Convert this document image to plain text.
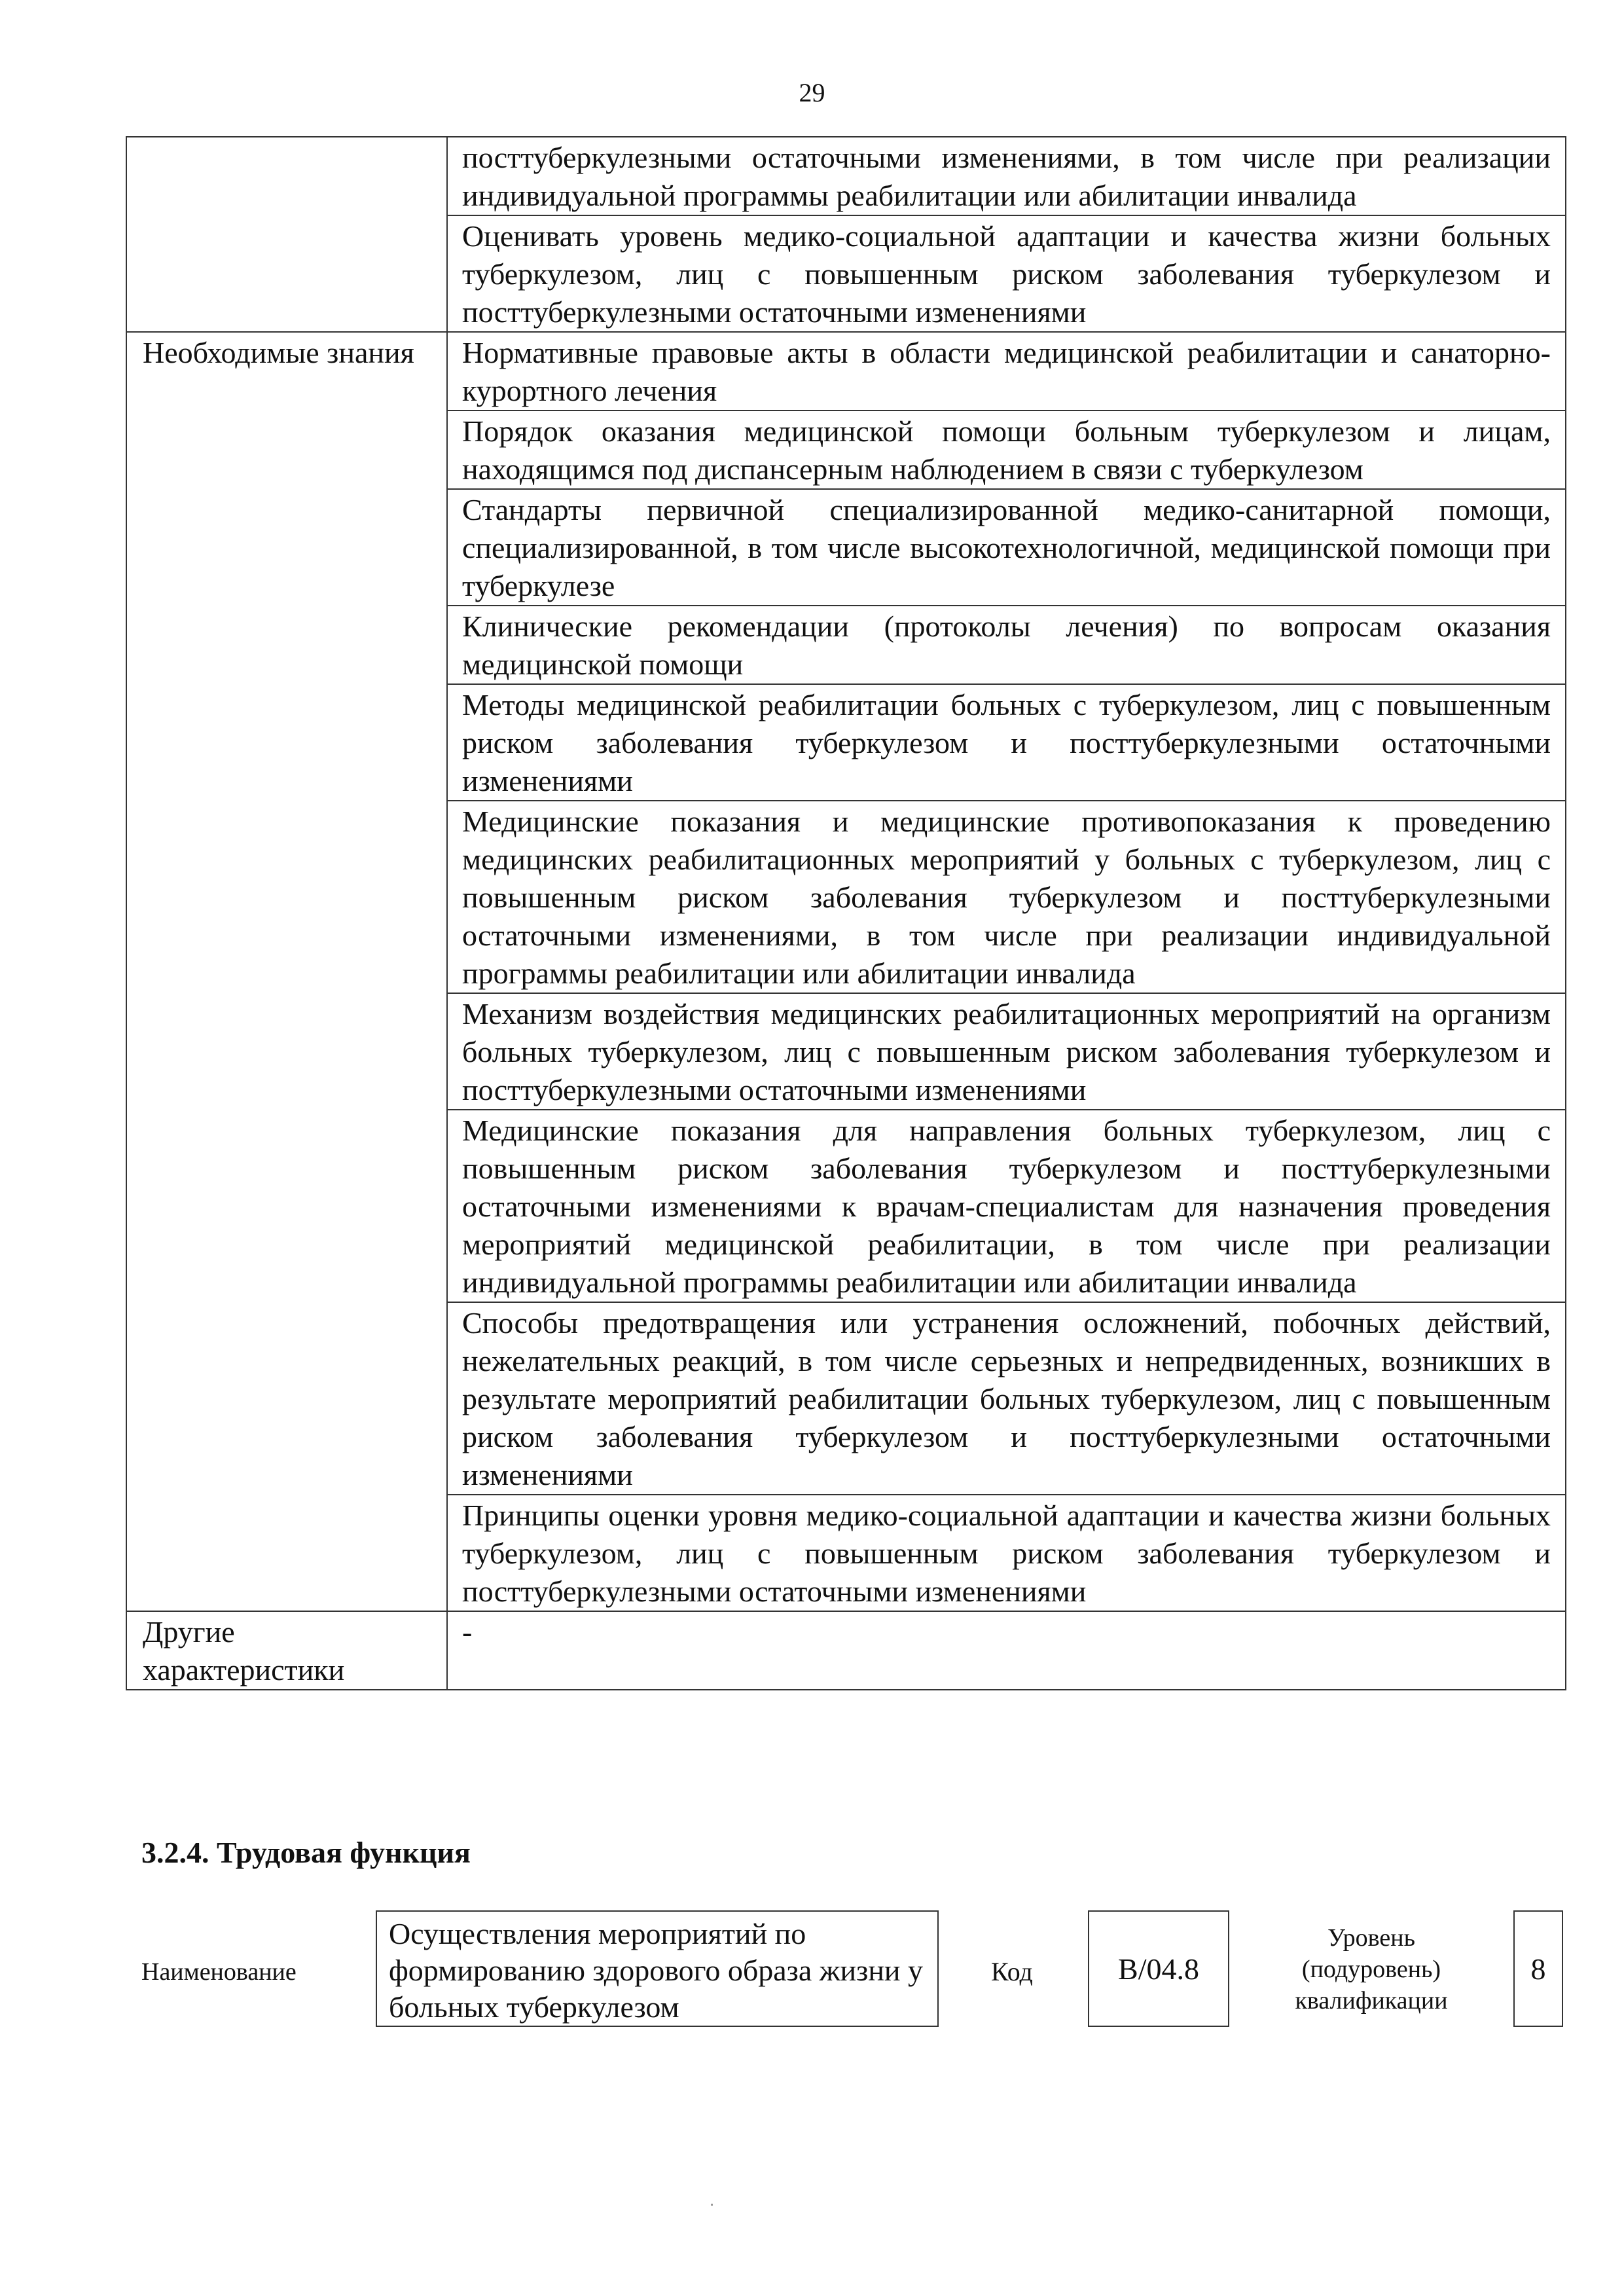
29
	посттуберкулезными остаточными изменениями, в том числе при реализации индивидуальной программы реабилитации или абилитации инвалида
	Оценивать уровень медико-социальной адаптации и качества жизни больных туберкулезом, лиц с повышенным риском заболевания туберкулезом и посттуберкулезными остаточными изменениями
Необходимые знания	Нормативные правовые акты в области медицинской реабилитации и санаторно-курортного лечения
	Порядок оказания медицинской помощи больным туберкулезом и лицам, находящимся под диспансерным наблюдением в связи с туберкулезом
	Стандарты первичной специализированной медико-санитарной помощи, специализированной, в том числе высокотехнологичной, медицинской помощи при туберкулезе
	Клинические рекомендации (протоколы лечения) по вопросам оказания медицинской помощи
	Методы медицинской реабилитации больных с туберкулезом, лиц с повышенным риском заболевания туберкулезом и посттуберкулезными остаточными изменениями
	Медицинские показания и медицинские противопоказания к проведению медицинских реабилитационных мероприятий у больных с туберкулезом, лиц с повышенным риском заболевания туберкулезом и посттуберкулезными остаточными изменениями, в том числе при реализации индивидуальной программы реабилитации или абилитации инвалида
	Механизм воздействия медицинских реабилитационных мероприятий на организм больных туберкулезом, лиц с повышенным риском заболевания туберкулезом и посттуберкулезными остаточными изменениями
	Медицинские показания для направления больных туберкулезом, лиц с повышенным риском заболевания туберкулезом и посттуберкулезными остаточными изменениями к врачам-специалистам для назначения проведения мероприятий медицинской реабилитации, в том числе при реализации индивидуальной программы реабилитации или абилитации инвалида
	Способы предотвращения или устранения осложнений, побочных действий, нежелательных реакций, в том числе серьезных и непредвиденных, возникших в результате мероприятий реабилитации больных туберкулезом, лиц с повышенным риском заболевания туберкулезом и посттуберкулезными остаточными изменениями
	Принципы оценки уровня медико-социальной адаптации и качества жизни больных туберкулезом, лиц с повышенным риском заболевания туберкулезом и посттуберкулезными остаточными изменениями
Другие характеристики	-
3.2.4. Трудовая функция
Наименование
Осуществления мероприятий по формированию здорового образа жизни у больных туберкулезом
Код	B/04.8
Уровень (подуровень) квалификации
8
